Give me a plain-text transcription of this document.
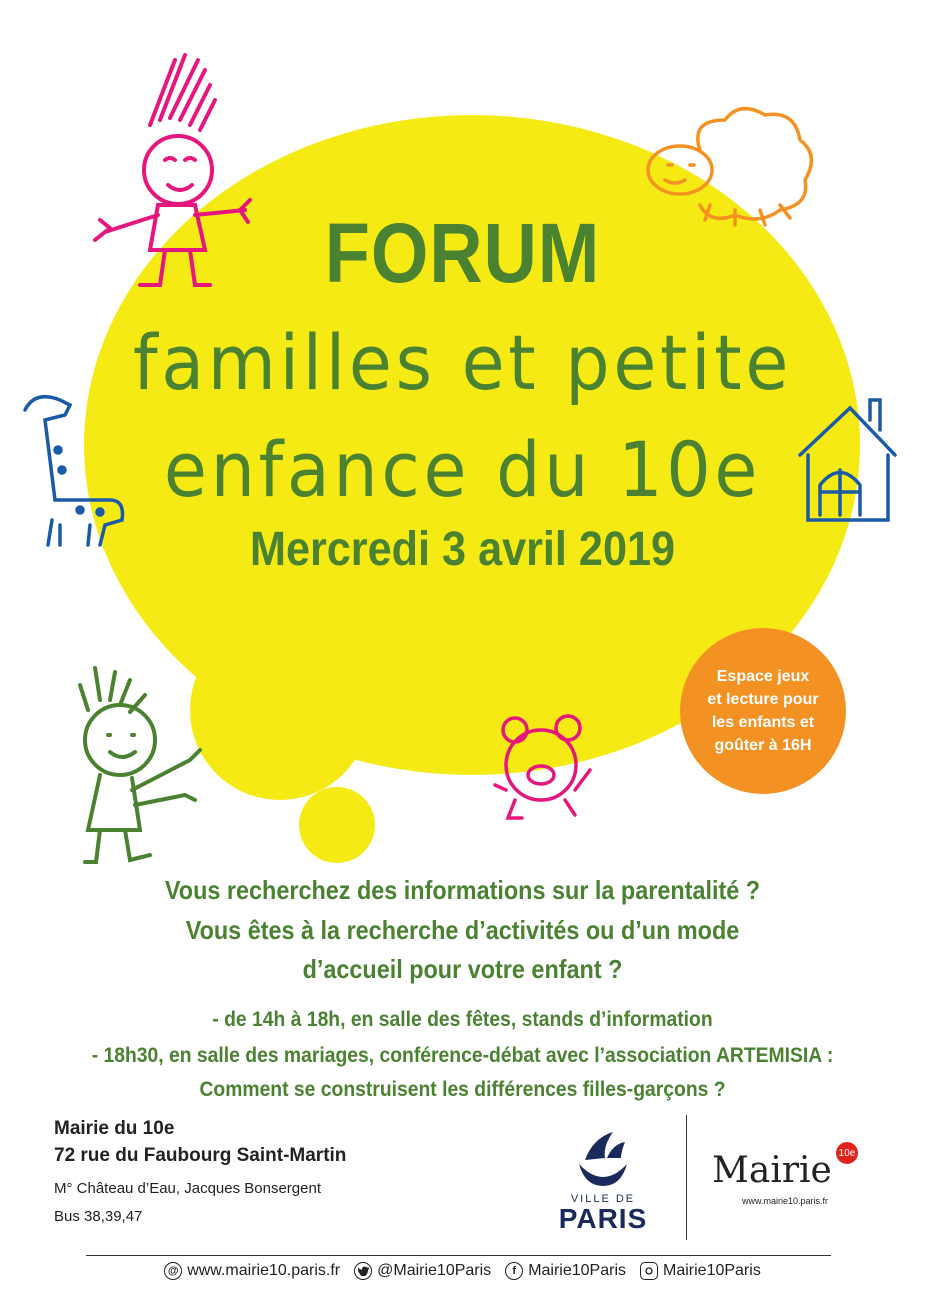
FORUM
familles et petite
enfance du 10e
Mercredi 3 avril 2019
Espace jeux
et lecture pour
les enfants et
goûter à 16H
Vous recherchez des informations sur la parentalité ?
Vous êtes à la recherche d’activités ou d’un mode
d’accueil pour votre enfant ?
- de 14h à 18h, en salle des fêtes, stands d’information
- 18h30, en salle des mariages, conférence-débat avec l’association ARTEMISIA :
Comment se construisent les différences filles-garçons ?
Mairie du 10e
72 rue du Faubourg Saint-Martin
M° Château d’Eau, Jacques Bonsergent
Bus 38,39,47
VILLE DE
PARIS
Mairie 10e
www.mairie10.paris.fr
@ www.mairie10.paris.fr @Mairie10Paris	f Mairie10Paris Mairie10Paris
